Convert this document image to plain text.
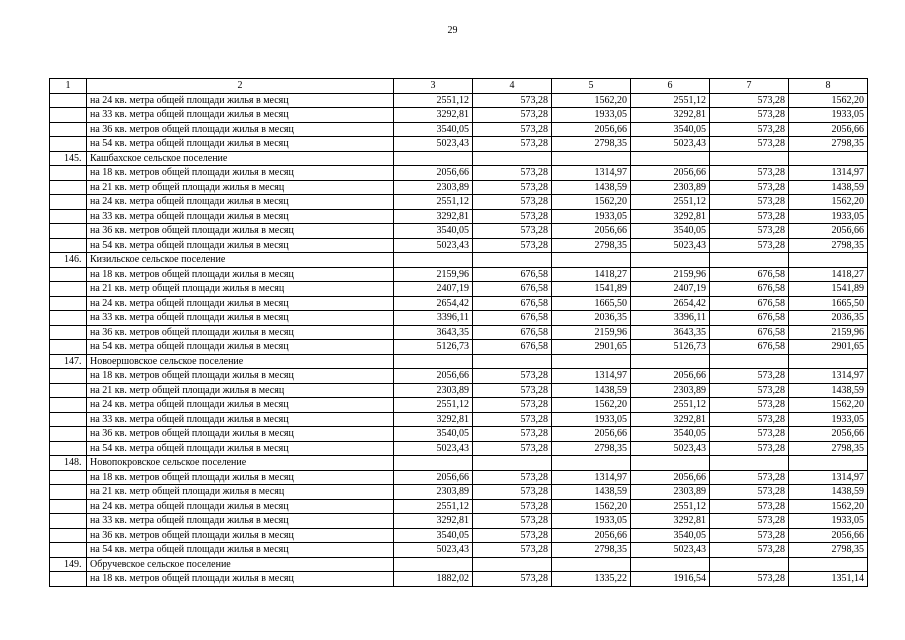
29
1	2	3	4	5	6	7	8
	на 24 кв. метра общей площади жилья в месяц	2551,12	573,28	1562,20	2551,12	573,28	1562,20
	на 33 кв. метра общей площади жилья в месяц	3292,81	573,28	1933,05	3292,81	573,28	1933,05
	на 36 кв. метров общей площади жилья в месяц	3540,05	573,28	2056,66	3540,05	573,28	2056,66
	на 54 кв. метра общей площади жилья в месяц	5023,43	573,28	2798,35	5023,43	573,28	2798,35
145.	Кашбахское сельское поселение						
	на 18 кв. метров общей площади жилья в месяц	2056,66	573,28	1314,97	2056,66	573,28	1314,97
	на 21 кв. метр общей площади жилья в месяц	2303,89	573,28	1438,59	2303,89	573,28	1438,59
	на 24 кв. метра общей площади жилья в месяц	2551,12	573,28	1562,20	2551,12	573,28	1562,20
	на 33 кв. метра общей площади жилья в месяц	3292,81	573,28	1933,05	3292,81	573,28	1933,05
	на 36 кв. метров общей площади жилья в месяц	3540,05	573,28	2056,66	3540,05	573,28	2056,66
	на 54 кв. метра общей площади жилья в месяц	5023,43	573,28	2798,35	5023,43	573,28	2798,35
146.	Кизильское сельское поселение						
	на 18 кв. метров общей площади жилья в месяц	2159,96	676,58	1418,27	2159,96	676,58	1418,27
	на 21 кв. метр общей площади жилья в месяц	2407,19	676,58	1541,89	2407,19	676,58	1541,89
	на 24 кв. метра общей площади жилья в месяц	2654,42	676,58	1665,50	2654,42	676,58	1665,50
	на 33 кв. метра общей площади жилья в месяц	3396,11	676,58	2036,35	3396,11	676,58	2036,35
	на 36 кв. метров общей площади жилья в месяц	3643,35	676,58	2159,96	3643,35	676,58	2159,96
	на 54 кв. метра общей площади жилья в месяц	5126,73	676,58	2901,65	5126,73	676,58	2901,65
147.	Новоершовское сельское поселение						
	на 18 кв. метров общей площади жилья в месяц	2056,66	573,28	1314,97	2056,66	573,28	1314,97
	на 21 кв. метр общей площади жилья в месяц	2303,89	573,28	1438,59	2303,89	573,28	1438,59
	на 24 кв. метра общей площади жилья в месяц	2551,12	573,28	1562,20	2551,12	573,28	1562,20
	на 33 кв. метра общей площади жилья в месяц	3292,81	573,28	1933,05	3292,81	573,28	1933,05
	на 36 кв. метров общей площади жилья в месяц	3540,05	573,28	2056,66	3540,05	573,28	2056,66
	на 54 кв. метра общей площади жилья в месяц	5023,43	573,28	2798,35	5023,43	573,28	2798,35
148.	Новопокровское сельское поселение						
	на 18 кв. метров общей площади жилья в месяц	2056,66	573,28	1314,97	2056,66	573,28	1314,97
	на 21 кв. метр общей площади жилья в месяц	2303,89	573,28	1438,59	2303,89	573,28	1438,59
	на 24 кв. метра общей площади жилья в месяц	2551,12	573,28	1562,20	2551,12	573,28	1562,20
	на 33 кв. метра общей площади жилья в месяц	3292,81	573,28	1933,05	3292,81	573,28	1933,05
	на 36 кв. метров общей площади жилья в месяц	3540,05	573,28	2056,66	3540,05	573,28	2056,66
	на 54 кв. метра общей площади жилья в месяц	5023,43	573,28	2798,35	5023,43	573,28	2798,35
149.	Обручевское сельское поселение						
	на 18 кв. метров общей площади жилья в месяц	1882,02	573,28	1335,22	1916,54	573,28	1351,14
